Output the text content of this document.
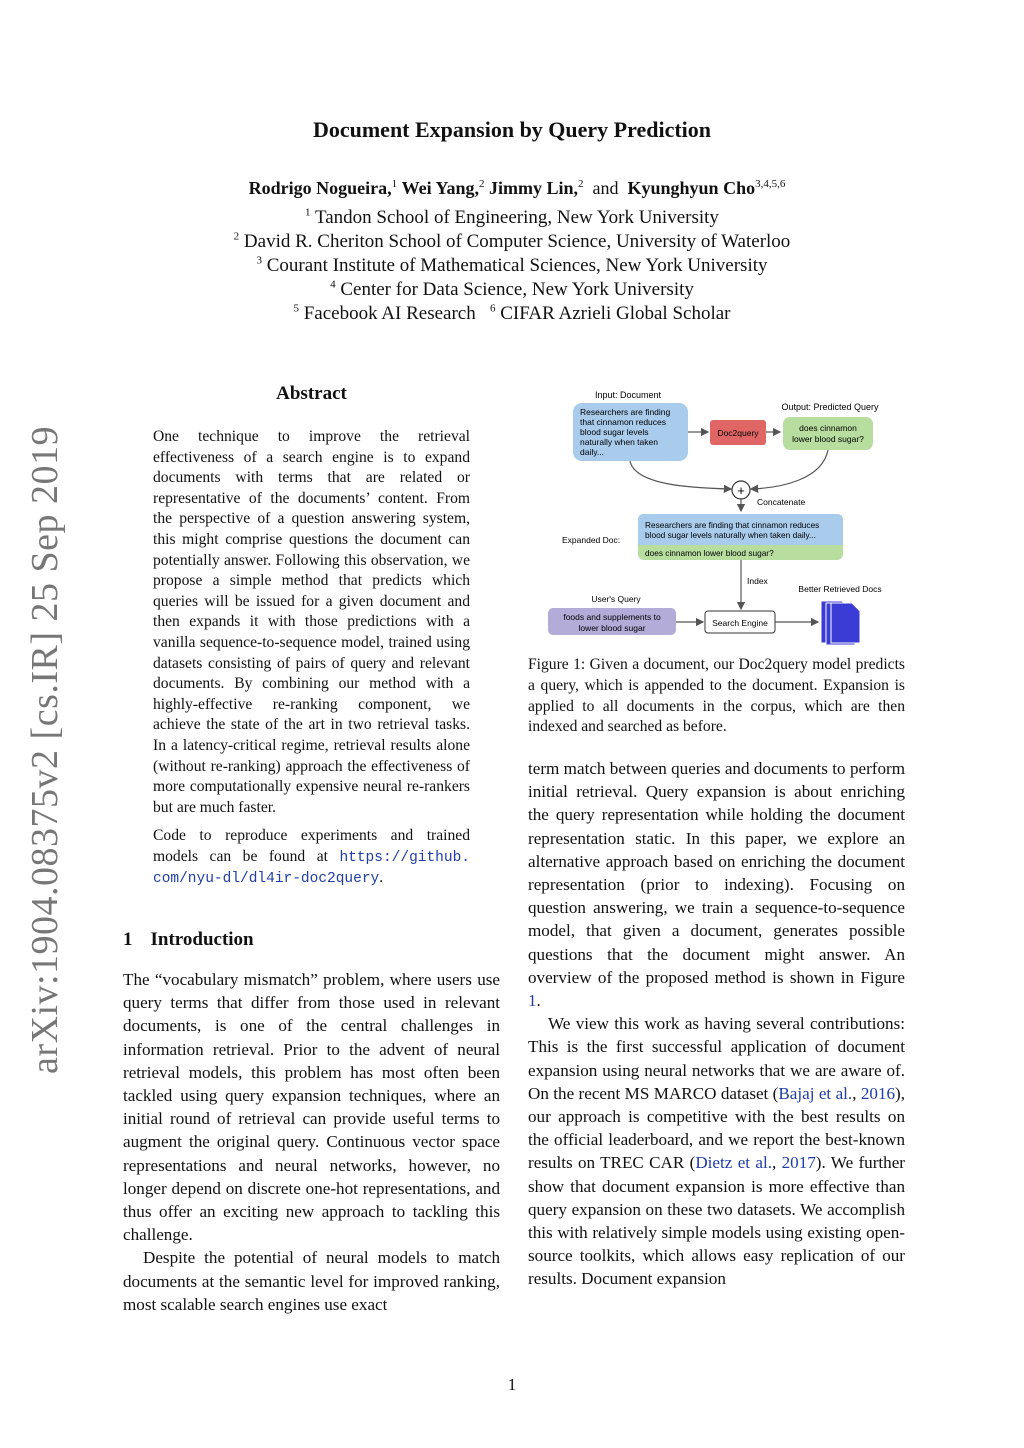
arXiv:1904.08375v2 [cs.IR] 25 Sep 2019
Document Expansion by Query Prediction
Rodrigo Nogueira,$^1$ Wei Yang,$^2$ Jimmy Lin,$^2$ and Kyunghyun Cho$^{3,4,5,6}$
$^1$ Tandon School of Engineering, New York University
$^2$ David R. Cheriton School of Computer Science, University of Waterloo
$^3$ Courant Institute of Mathematical Sciences, New York University
$^4$ Center for Data Science, New York University
$^5$ Facebook AI Research $^6$ CIFAR Azrieli Global Scholar
Abstract

One technique to improve the retrieval effectiveness of a search engine is to expand documents with terms that are related or representative of the documents’ content. From the perspective of a question answering system, this might comprise questions the document can potentially answer. Following this observation, we propose a simple method that predicts which queries will be issued for a given document and then expands it with those predictions with a vanilla sequence-to-sequence model, trained using datasets consisting of pairs of query and relevant documents. By combining our method with a highly-effective re-ranking component, we achieve the state of the art in two retrieval tasks. In a latency-critical regime, retrieval results alone (without re-ranking) approach the effectiveness of more computationally expensive neural re-rankers but are much faster.

Code to reproduce experiments and trained models can be found at https://github. com/nyu-dl/dl4ir-doc2query.

1 Introduction

The “vocabulary mismatch” problem, where users use query terms that differ from those used in relevant documents, is one of the central challenges in information retrieval. Prior to the advent of neural retrieval models, this problem has most often been tackled using query expansion techniques, where an initial round of retrieval can provide useful terms to augment the original query. Continuous vector space representations and neural networks, however, no longer depend on discrete one-hot representations, and thus offer an exciting new approach to tackling this challenge.

Despite the potential of neural models to match documents at the semantic level for improved ranking, most scalable search engines use exact

Input: Document
Researchers are finding
that cinnamon reduces
blood sugar levels
naturally when taken
daily...
Doc2query
Output: Predicted Query
does cinnamon
lower blood sugar?
+
Concatenate
Expanded Doc:
Researchers are finding that cinnamon reduces
blood sugar levels naturally when taken daily...
does cinnamon lower blood sugar?
Index
User's Query
foods and supplements to
lower blood sugar	Search Engine
Better Retrieved Docs
Figure 1: Given a document, our Doc2query model predicts a query, which is appended to the document. Expansion is applied to all documents in the corpus, which are then indexed and searched as before.

term match between queries and documents to perform initial retrieval. Query expansion is about enriching the query representation while holding the document representation static. In this paper, we explore an alternative approach based on enriching the document representation (prior to indexing). Focusing on question answering, we train a sequence-to-sequence model, that given a document, generates possible questions that the document might answer. An overview of the proposed method is shown in Figure 1.

We view this work as having several contributions: This is the first successful application of document expansion using neural networks that we are aware of. On the recent MS MARCO dataset (Bajaj et al., 2016), our approach is competitive with the best results on the official leaderboard, and we report the best-known results on TREC CAR (Dietz et al., 2017). We further show that document expansion is more effective than query expansion on these two datasets. We accomplish this with relatively simple models using existing open-source toolkits, which allows easy replication of our results. Document expansion

1
